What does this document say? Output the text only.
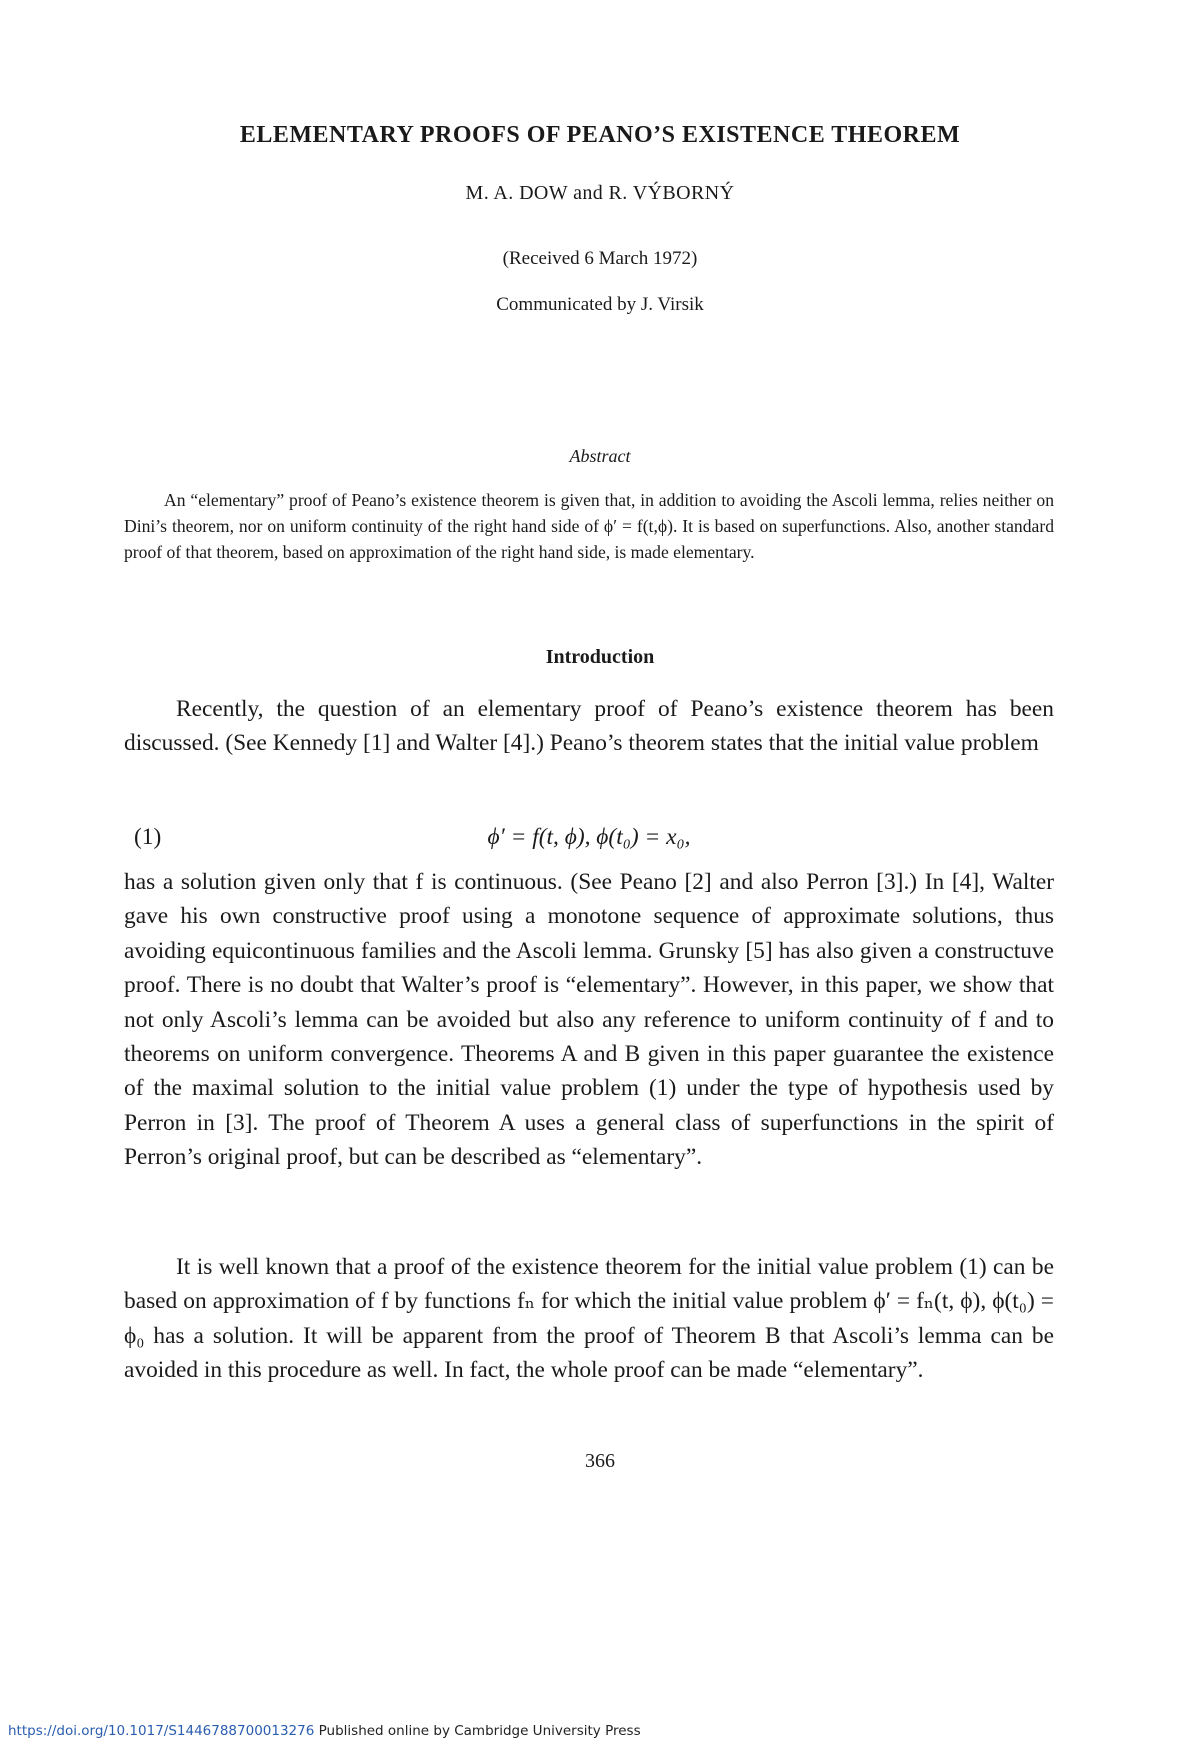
ELEMENTARY PROOFS OF PEANO’S EXISTENCE THEOREM
M. A. DOW and R. VÝBORNÝ
(Received 6 March 1972)
Communicated by J. Virsik
Abstract

An “elementary” proof of Peano’s existence theorem is given that, in addition to avoiding the Ascoli lemma, relies neither on Dini’s theorem, nor on uniform continuity of the right hand side of ϕ′ = f(t,ϕ). It is based on superfunctions. Also, another standard proof of that theorem, based on approximation of the right hand side, is made elementary.

Introduction

Recently, the question of an elementary proof of Peano’s existence theorem has been discussed. (See Kennedy [1] and Walter [4].) Peano’s theorem states that the initial value problem

(1)	ϕ′ = f(t, ϕ), ϕ(t₀) = x₀,

has a solution given only that f is continuous. (See Peano [2] and also Perron [3].) In [4], Walter gave his own constructive proof using a monotone sequence of approximate solutions, thus avoiding equicontinuous families and the Ascoli lemma. Grunsky [5] has also given a constructuve proof. There is no doubt that Walter’s proof is “elementary”. However, in this paper, we show that not only Ascoli’s lemma can be avoided but also any reference to uniform continuity of f and to theorems on uniform convergence. Theorems A and B given in this paper guarantee the existence of the maximal solution to the initial value problem (1) under the type of hypothesis used by Perron in [3]. The proof of Theorem A uses a general class of superfunctions in the spirit of Perron’s original proof, but can be described as “elementary”.

It is well known that a proof of the existence theorem for the initial value problem (1) can be based on approximation of f by functions fₙ for which the initial value problem ϕ′ = fₙ(t, ϕ), ϕ(t₀) = ϕ₀ has a solution. It will be apparent from the proof of Theorem B that Ascoli’s lemma can be avoided in this procedure as well. In fact, the whole proof can be made “elementary”.

366
https://doi.org/10.1017/S1446788700013276 Published online by Cambridge University Press
